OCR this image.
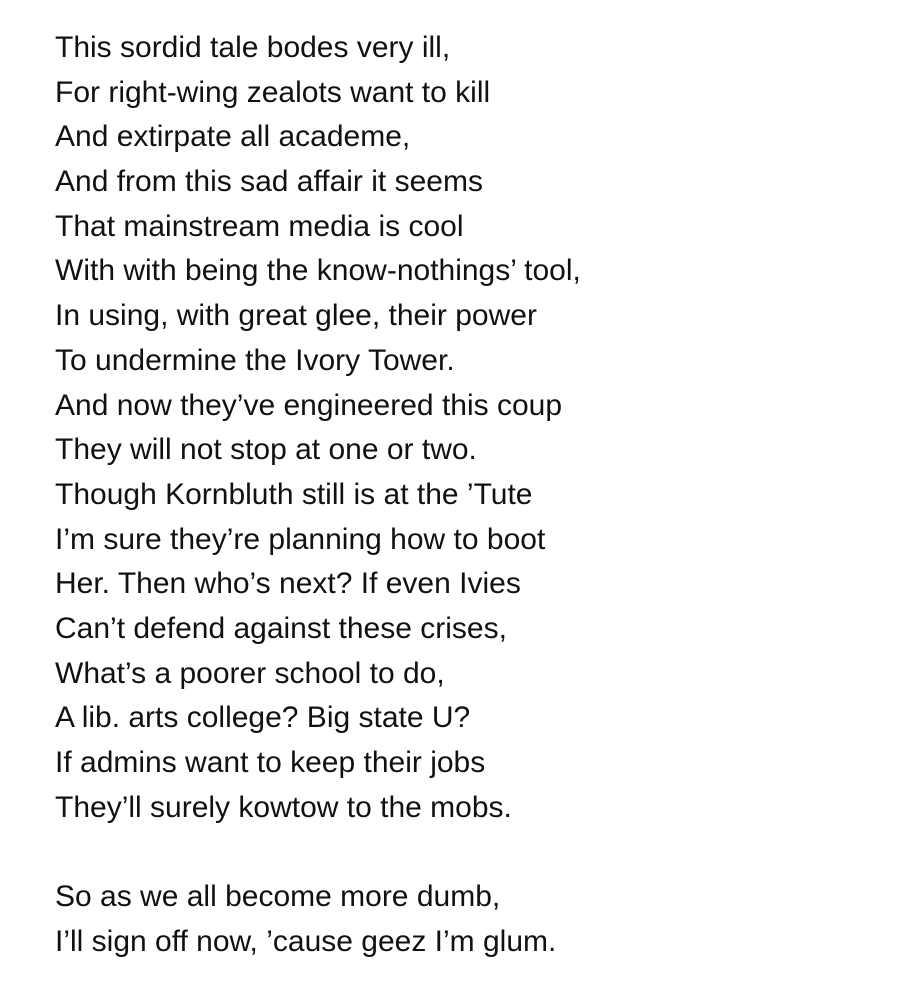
This sordid tale bodes very ill,
For right-wing zealots want to kill
And extirpate all academe,
And from this sad affair it seems
That mainstream media is cool
With with being the know-nothings’ tool,
In using, with great glee, their power
To undermine the Ivory Tower.
And now they’ve engineered this coup
They will not stop at one or two.
Though Kornbluth still is at the ’Tute
I’m sure they’re planning how to boot
Her. Then who’s next? If even Ivies
Can’t defend against these crises,
What’s a poorer school to do,
A lib. arts college? Big state U?
If admins want to keep their jobs
They’ll surely kowtow to the mobs.
So as we all become more dumb,
I’ll sign off now, ’cause geez I’m glum.
